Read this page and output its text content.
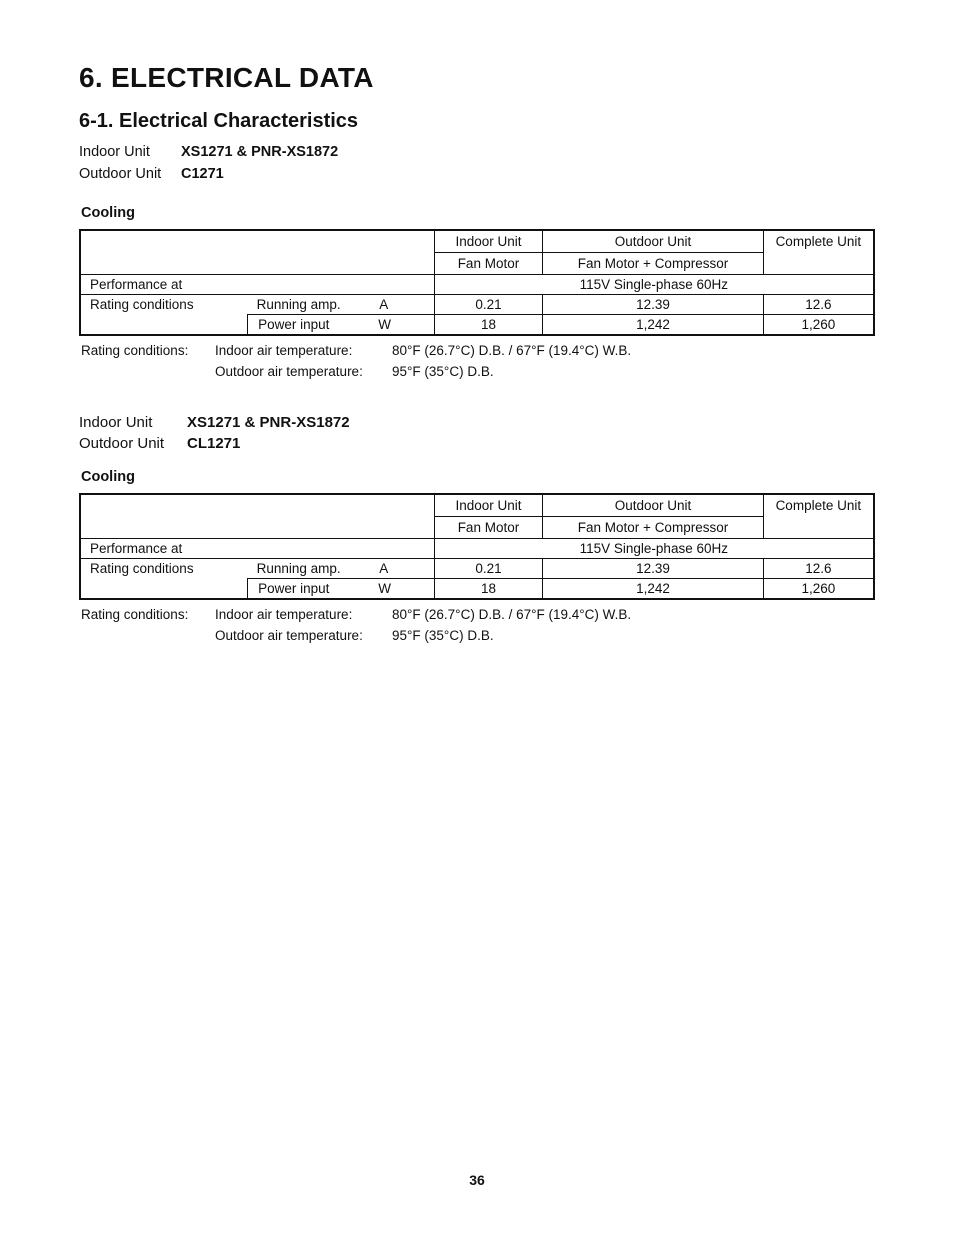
6. ELECTRICAL DATA
6-1. Electrical Characteristics
Indoor Unit XS1271 & PNR-XS1872
Outdoor Unit C1271
Cooling
			Indoor Unit	Outdoor Unit	Complete Unit
			Fan Motor	Fan Motor + Compressor	
Performance at			115V Single-phase 60Hz		
Rating conditions	Running amp.	A	0.21	12.39	12.6
	Power input	W	18	1,242	1,260
Rating conditions: Indoor air temperature:	80°F (26.7°C) D.B. / 67°F (19.4°C) W.B.
Outdoor air temperature: 95°F (35°C) D.B.
Indoor Unit XS1271 & PNR-XS1872
Outdoor Unit CL1271
Cooling
			Indoor Unit	Outdoor Unit	Complete Unit
			Fan Motor	Fan Motor + Compressor	
Performance at			115V Single-phase 60Hz		
Rating conditions	Running amp.	A	0.21	12.39	12.6
	Power input	W	18	1,242	1,260
Rating conditions: Indoor air temperature:	80°F (26.7°C) D.B. / 67°F (19.4°C) W.B.
Outdoor air temperature: 95°F (35°C) D.B.
36
